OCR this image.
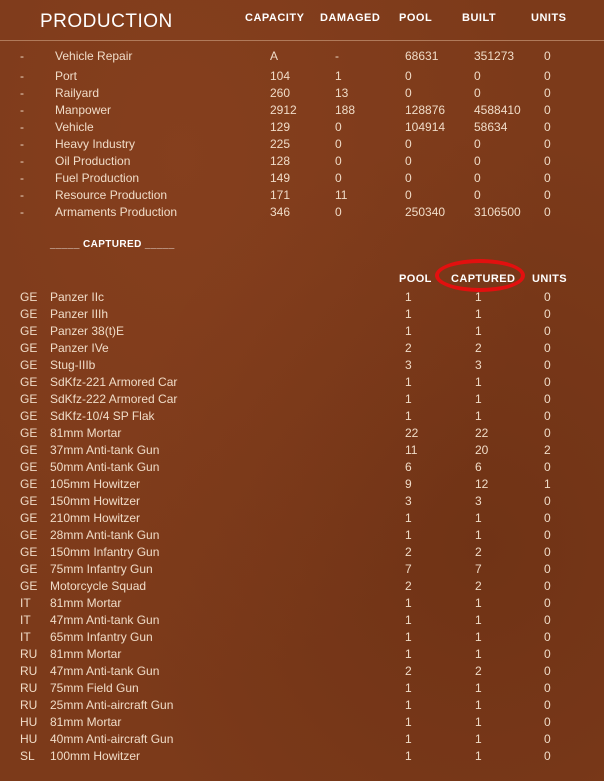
PRODUCTION	CAPACITY DAMAGED POOL	BUILT	UNITS
-	Vehicle Repair	A	-	68631	351273 0
-	Port	104	1	0	0	0
-	Railyard	260	13	0	0	0
-	Manpower	2912	188	128876 4588410 0
-	Vehicle	129	0	104914 58634	0
-	Heavy Industry	225	0	0	0	0
-	Oil Production	128	0	0	0	0
-	Fuel Production	149	0	0	0	0
-	Resource Production	171	11	0	0	0
-	Armaments Production	346	0	250340 3106500 0
_____ CAPTURED _____
POOL CAPTURED UNITS
GE Panzer IIc	1	1	0
GE Panzer IIIh	1	1	0
GE Panzer 38(t)E	1	1	0
GE Panzer IVe	2	2	0
GE Stug-IIIb	3	3	0
GE SdKfz-221 Armored Car	1	1	0
GE SdKfz-222 Armored Car	1	1	0
GE SdKfz-10/4 SP Flak	1	1	0
GE 81mm Mortar	22	22	0
GE 37mm Anti-tank Gun	11	20	2
GE 50mm Anti-tank Gun	6	6	0
GE 105mm Howitzer	9	12	1
GE 150mm Howitzer	3	3	0
GE 210mm Howitzer	1	1	0
GE 28mm Anti-tank Gun	1	1	0
GE 150mm Infantry Gun	2	2	0
GE 75mm Infantry Gun	7	7	0
GE Motorcycle Squad	2	2	0
IT 81mm Mortar	1	1	0
IT 47mm Anti-tank Gun	1	1	0
IT 65mm Infantry Gun	1	1	0
RU 81mm Mortar	1	1	0
RU 47mm Anti-tank Gun	2	2	0
RU 75mm Field Gun	1	1	0
RU 25mm Anti-aircraft Gun	1	1	0
HU 81mm Mortar	1	1	0
HU 40mm Anti-aircraft Gun	1	1	0
SL 100mm Howitzer	1	1	0
